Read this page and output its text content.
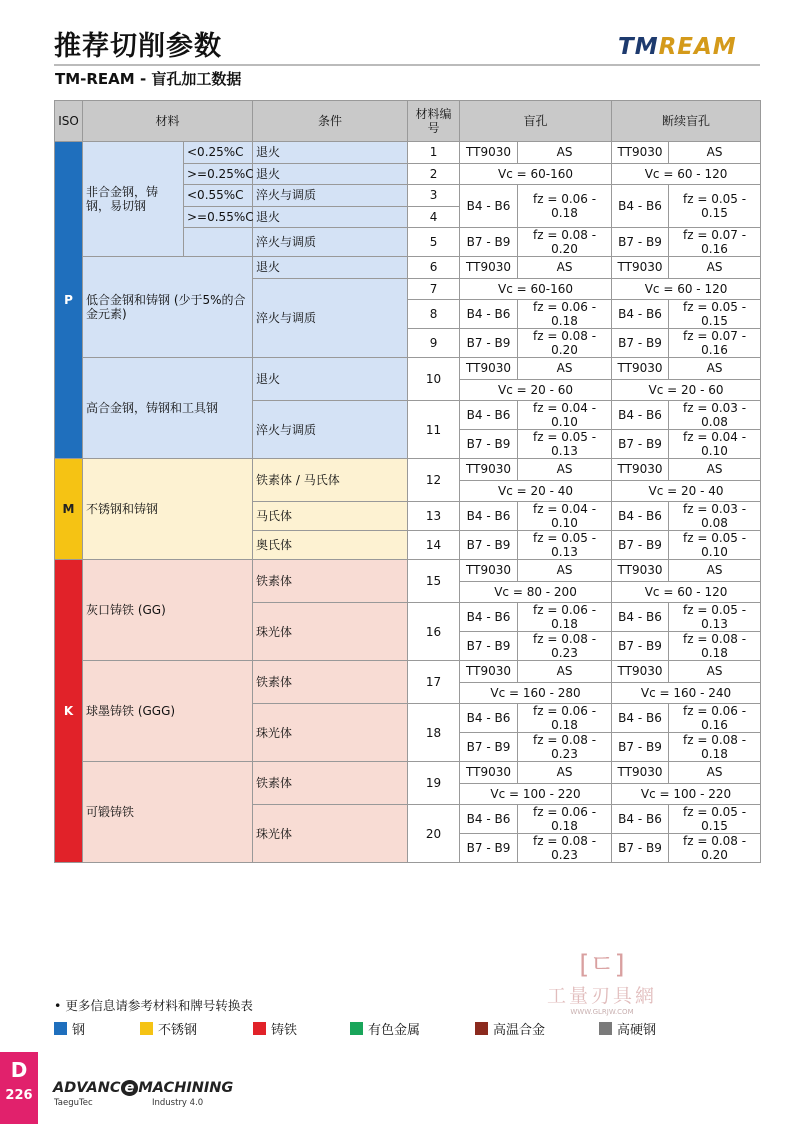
推荐切削参数	TMREAM
TM-REAM - 盲孔加工数据
ISO	材料		条件	材料编号	盲孔		断续盲孔	
P	非合金钢，铸钢，易切钢	<0.25%C	退火	1	TT9030	AS	TT9030	AS
		>=0.25%C	退火	2	Vc = 60-160		Vc = 60 - 120	
		<0.55%C	淬火与调质	3	B4 - B6	fz = 0.06 - 0.18	B4 - B6	fz = 0.05 - 0.15
		>=0.55%C	退火	4				
			淬火与调质	5	B7 - B9	fz = 0.08 - 0.20	B7 - B9	fz = 0.07 - 0.16
	低合金钢和铸钢 (少于5%的合金元素)		退火	6	TT9030	AS	TT9030	AS
			淬火与调质	7	Vc = 60-160		Vc = 60 - 120	
				8	B4 - B6	fz = 0.06 - 0.18	B4 - B6	fz = 0.05 - 0.15
				9	B7 - B9	fz = 0.08 - 0.20	B7 - B9	fz = 0.07 - 0.16
	高合金钢，铸钢和工具钢		退火	10	TT9030	AS	TT9030	AS
					Vc = 20 - 60		Vc = 20 - 60	
			淬火与调质	11	B4 - B6	fz = 0.04 - 0.10	B4 - B6	fz = 0.03 - 0.08
					B7 - B9	fz = 0.05 - 0.13	B7 - B9	fz = 0.04 - 0.10
M	不锈钢和铸钢		铁素体 / 马氏体	12	TT9030	AS	TT9030	AS
					Vc = 20 - 40		Vc = 20 - 40	
			马氏体	13	B4 - B6	fz = 0.04 - 0.10	B4 - B6	fz = 0.03 - 0.08
			奥氏体	14	B7 - B9	fz = 0.05 - 0.13	B7 - B9	fz = 0.05 - 0.10
K	灰口铸铁 (GG)		铁素体	15	TT9030	AS	TT9030	AS
					Vc = 80 - 200		Vc = 60 - 120	
			珠光体	16	B4 - B6	fz = 0.06 - 0.18	B4 - B6	fz = 0.05 - 0.13
					B7 - B9	fz = 0.08 - 0.23	B7 - B9	fz = 0.08 - 0.18
	球墨铸铁 (GGG)		铁素体	17	TT9030	AS	TT9030	AS
					Vc = 160 - 280		Vc = 160 - 240	
			珠光体	18	B4 - B6	fz = 0.06 - 0.18	B4 - B6	fz = 0.06 - 0.16
					B7 - B9	fz = 0.08 - 0.23	B7 - B9	fz = 0.08 - 0.18
	可锻铸铁		铁素体	19	TT9030	AS	TT9030	AS
					Vc = 100 - 220		Vc = 100 - 220	
			珠光体	20	B4 - B6	fz = 0.06 - 0.18	B4 - B6	fz = 0.05 - 0.15
					B7 - B9	fz = 0.08 - 0.23	B7 - B9	fz = 0.08 - 0.20
[ㄷ]
工量刃具網
WWW.GLRJW.COM
• 更多信息请参考材料和牌号转换表
钢	不锈钢	铸铁	有色金属	高温合金	高硬钢
D
226	ADVANC e MACHINING
TaeguTec	Industry 4.0
